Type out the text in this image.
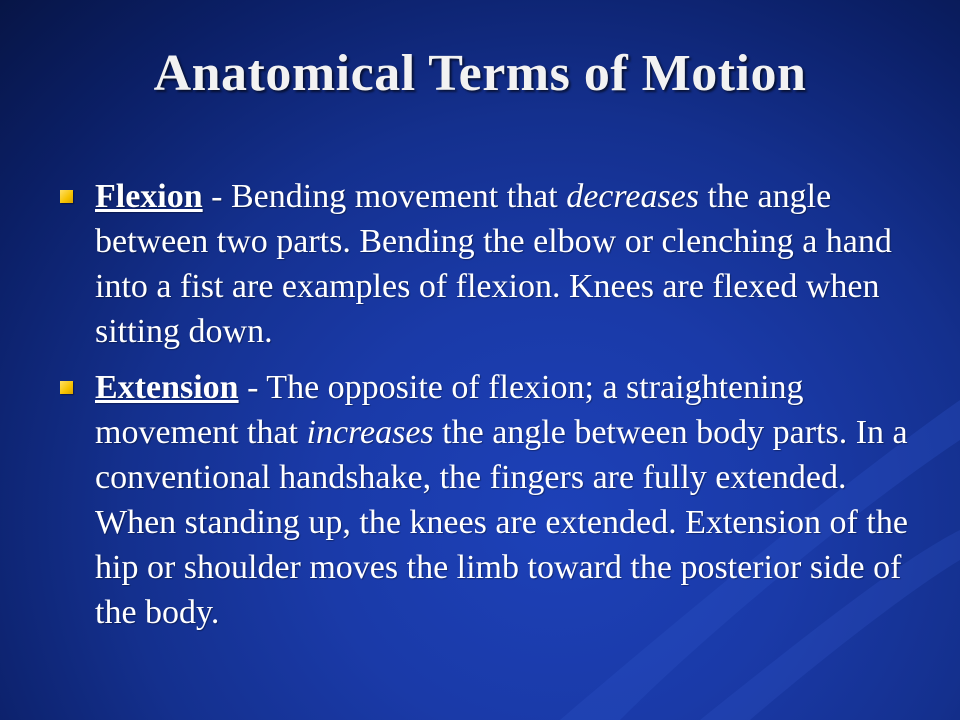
Anatomical Terms of Motion
Flexion - Bending movement that decreases the angle between two parts. Bending the elbow or clenching a hand into a fist are examples of flexion. Knees are flexed when sitting down.
Extension - The opposite of flexion; a straightening movement that increases the angle between body parts. In a conventional handshake, the fingers are fully extended. When standing up, the knees are extended. Extension of the hip or shoulder moves the limb toward the posterior side of the body.
